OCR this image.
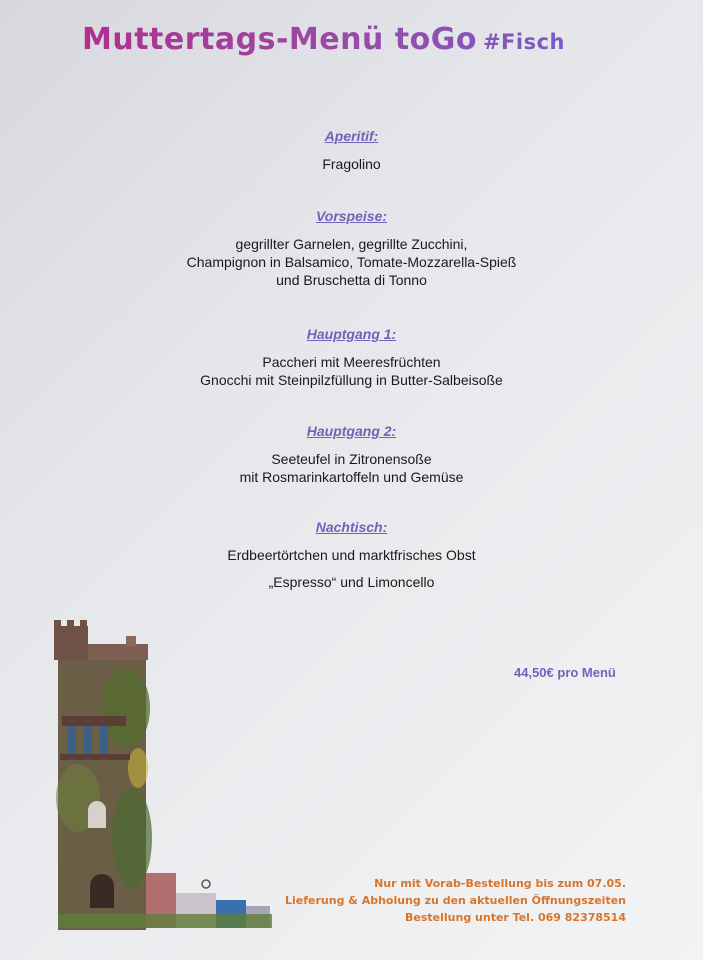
Muttertags-Menü toGo #Fisch
Aperitif:
Fragolino
Vorspeise:
gegrillter Garnelen, gegrillte Zucchini,
Champignon in Balsamico, Tomate-Mozzarella-Spieß
und Bruschetta di Tonno
Hauptgang 1:
Paccheri mit Meeresfrüchten
Gnocchi mit Steinpilzfüllung in Butter-Salbeisoße
Hauptgang 2:
Seeteufel in Zitronensoße
mit Rosmarinkartoffeln und Gemüse
Nachtisch:
Erdbeertörtchen und marktfrisches Obst
„Espresso“ und Limoncello
44,50€ pro Menü
Nur mit Vorab-Bestellung bis zum 07.05.
Lieferung & Abholung zu den aktuellen Öffnungszeiten
Bestellung unter Tel. 069 82378514
